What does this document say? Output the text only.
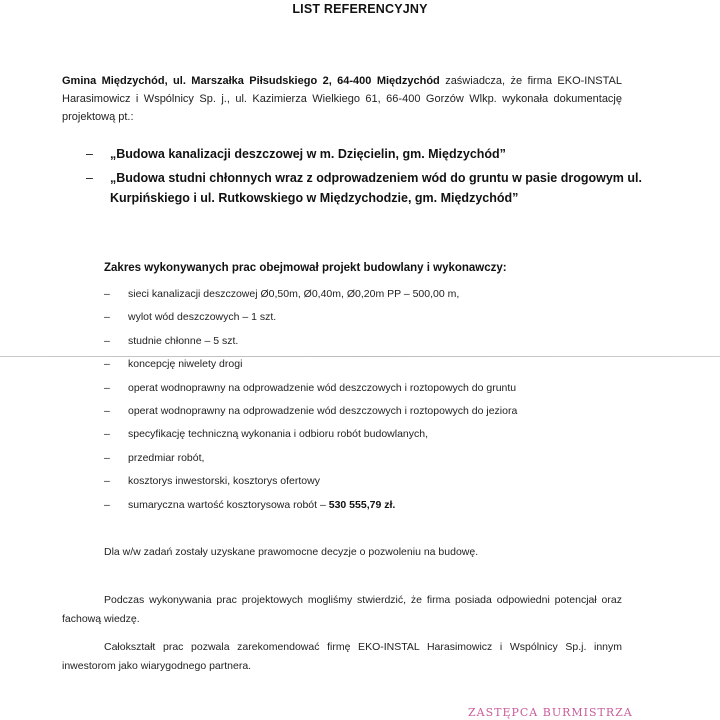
LIST REFERENCYJNY
Gmina Międzychód, ul. Marszałka Piłsudskiego 2, 64-400 Międzychód zaświadcza, że firma EKO-INSTAL Harasimowicz i Wspólnicy Sp. j., ul. Kazimierza Wielkiego 61, 66-400 Gorzów Wlkp. wykonała dokumentację projektową pt.:
– „Budowa kanalizacji deszczowej w m. Dzięcielin, gm. Międzychód”
– „Budowa studni chłonnych wraz z odprowadzeniem wód do gruntu w pasie drogowym ul. Kurpińskiego i ul. Rutkowskiego w Międzychodzie, gm. Międzychód”
Zakres wykonywanych prac obejmował projekt budowlany i wykonawczy:
– sieci kanalizacji deszczowej Ø0,50m, Ø0,40m, Ø0,20m PP – 500,00 m,
– wylot wód deszczowych – 1 szt.
– studnie chłonne – 5 szt.
– koncepcję niwelety drogi
– operat wodnoprawny na odprowadzenie wód deszczowych i roztopowych do gruntu
– operat wodnoprawny na odprowadzenie wód deszczowych i roztopowych do jeziora
– specyfikację techniczną wykonania i odbioru robót budowlanych,
– przedmiar robót,
– kosztorys inwestorski, kosztorys ofertowy
– sumaryczna wartość kosztorysowa robót – 530 555,79 zł.
Dla w/w zadań zostały uzyskane prawomocne decyzje o pozwoleniu na budowę.
Podczas wykonywania prac projektowych mogliśmy stwierdzić, że firma posiada odpowiedni potencjał oraz fachową wiedzę.
Całokształt prac pozwala zarekomendować firmę EKO-INSTAL Harasimowicz i Wspólnicy Sp.j. innym inwestorom jako wiarygodnego partnera.
ZASTĘPCA BURMISTRZA
